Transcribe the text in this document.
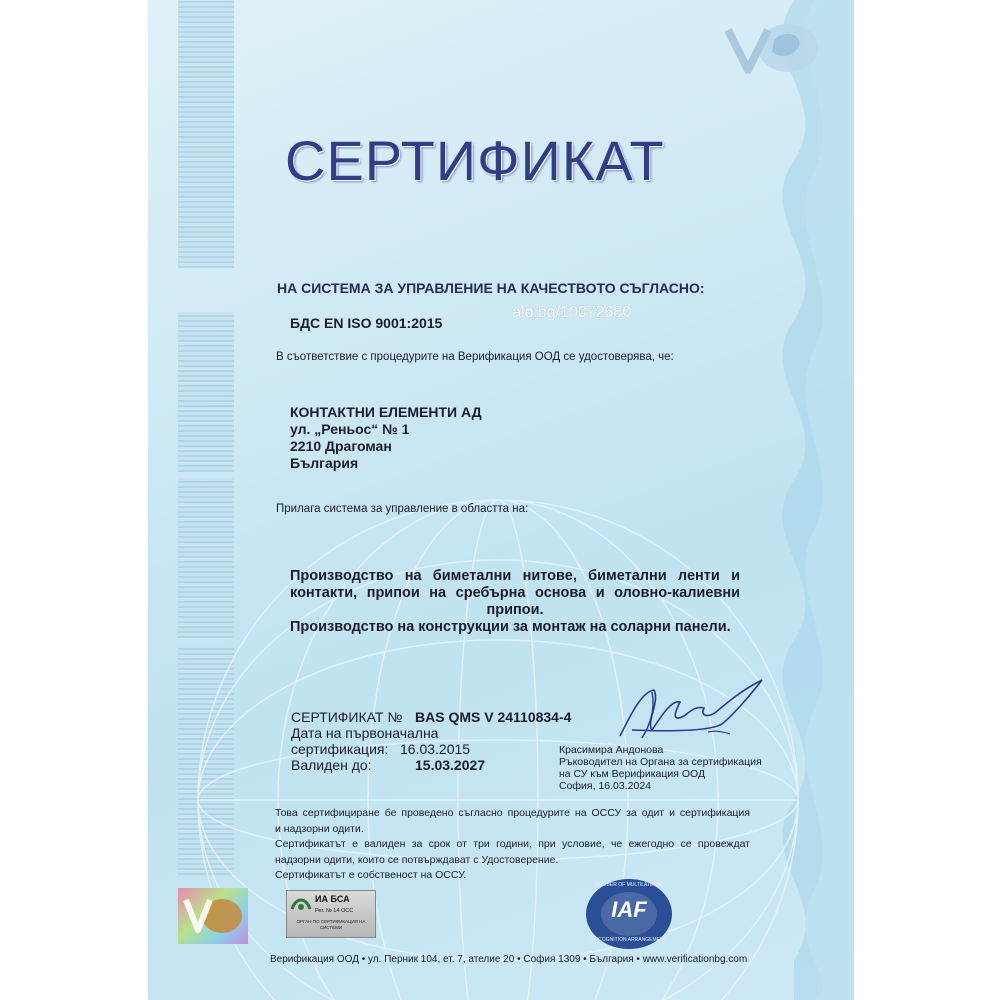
СЕРТИФИКАТ
НА СИСТЕМА ЗА УПРАВЛЕНИЕ НА КАЧЕСТВОТО СЪГЛАСНО:
БДС EN ISO 9001:2015
alo.bg/10072680
В съответствие с процедурите на Верификация ООД се удостоверява, че:
КОНТАКТНИ ЕЛЕМЕНТИ АД
ул. „Реньос“ № 1
2210 Драгоман
България
Прилага система за управление в областта на:
Производство на биметални нитове, биметални ленти и контакти, припои на сребърна основа и оловно-калиевни припои.
Производство на конструкции за монтаж на соларни панели.
СЕРТИФИКАТ № BAS QMS V 24110834-4
Дата на първоначална
сертификация: 16.03.2015
Валиден до:	15.03.2027
Красимира Андонова
Ръководител на Органа за сертификация
на СУ към Верификация ООД
София, 16.03.2024
Това сертифициране бе проведено съгласно процедурите на ОССУ за одит и сертификация
и надзорни одити.
Сертификатът е валиден за срок от три години, при условие, че ежегодно се провеждат
надзорни одити, които се потвърждават с Удостоверение.
Сертификатът е собственост на ОССУ.
ИА БСА
Рег. № 14 ОСС
ОРГАН ПО СЕРТИФИКАЦИЯ НА СИСТЕМИ
IAF
MEMBER OF MULTILATERAL
RECOGNITION ARRANGEMENT
Верификация ООД • ул. Перник 104, ет. 7, ателие 20 • София 1309 • България • www.verificationbg.com
